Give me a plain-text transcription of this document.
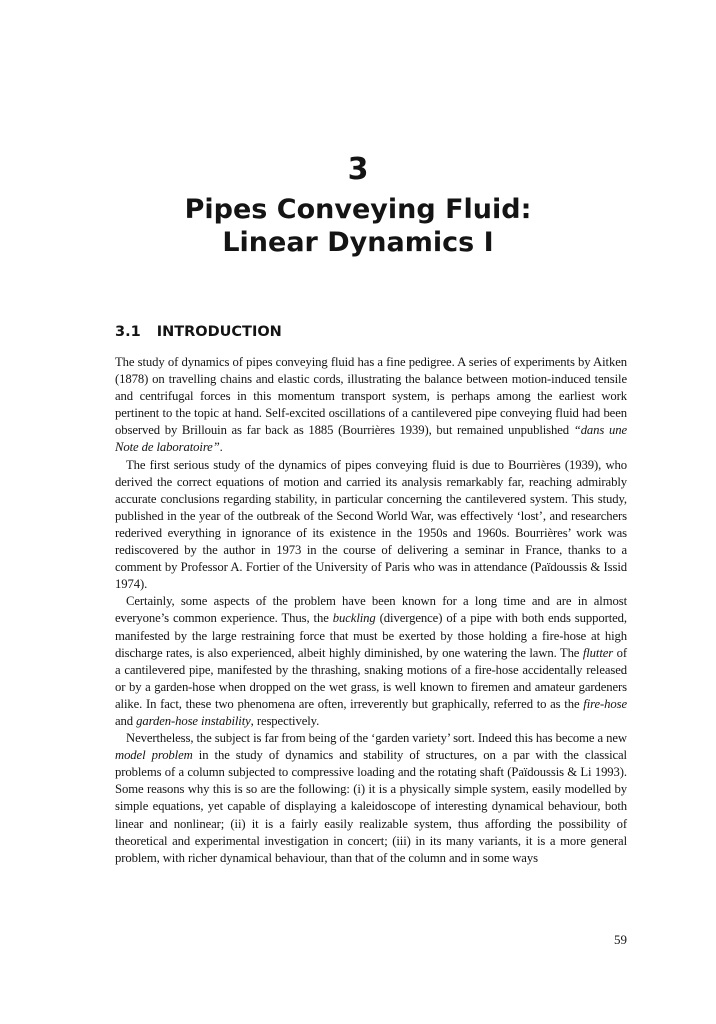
3
Pipes Conveying Fluid:
Linear Dynamics I
3.1 INTRODUCTION

The study of dynamics of pipes conveying fluid has a fine pedigree. A series of experiments by Aitken (1878) on travelling chains and elastic cords, illustrating the balance between motion-induced tensile and centrifugal forces in this momentum transport system, is perhaps among the earliest work pertinent to the topic at hand. Self-excited oscillations of a cantilevered pipe conveying fluid had been observed by Brillouin as far back as 1885 (Bourrières 1939), but remained unpublished “dans une Note de laboratoire”.

The first serious study of the dynamics of pipes conveying fluid is due to Bourrières (1939), who derived the correct equations of motion and carried its analysis remarkably far, reaching admirably accurate conclusions regarding stability, in particular concerning the cantilevered system. This study, published in the year of the outbreak of the Second World War, was effectively ‘lost’, and researchers rederived everything in ignorance of its existence in the 1950s and 1960s. Bourrières’ work was rediscovered by the author in 1973 in the course of delivering a seminar in France, thanks to a comment by Professor A. Fortier of the University of Paris who was in attendance (Païdoussis & Issid 1974).

Certainly, some aspects of the problem have been known for a long time and are in almost everyone’s common experience. Thus, the buckling (divergence) of a pipe with both ends supported, manifested by the large restraining force that must be exerted by those holding a fire-hose at high discharge rates, is also experienced, albeit highly diminished, by one watering the lawn. The flutter of a cantilevered pipe, manifested by the thrashing, snaking motions of a fire-hose accidentally released or by a garden-hose when dropped on the wet grass, is well known to firemen and amateur gardeners alike. In fact, these two phenomena are often, irreverently but graphically, referred to as the fire-hose and garden-hose instability, respectively.

Nevertheless, the subject is far from being of the ‘garden variety’ sort. Indeed this has become a new model problem in the study of dynamics and stability of structures, on a par with the classical problems of a column subjected to compressive loading and the rotating shaft (Païdoussis & Li 1993). Some reasons why this is so are the following: (i) it is a physically simple system, easily modelled by simple equations, yet capable of displaying a kaleidoscope of interesting dynamical behaviour, both linear and nonlinear; (ii) it is a fairly easily realizable system, thus affording the possibility of theoretical and experimental investigation in concert; (iii) in its many variants, it is a more general problem, with richer dynamical behaviour, than that of the column and in some ways

59
